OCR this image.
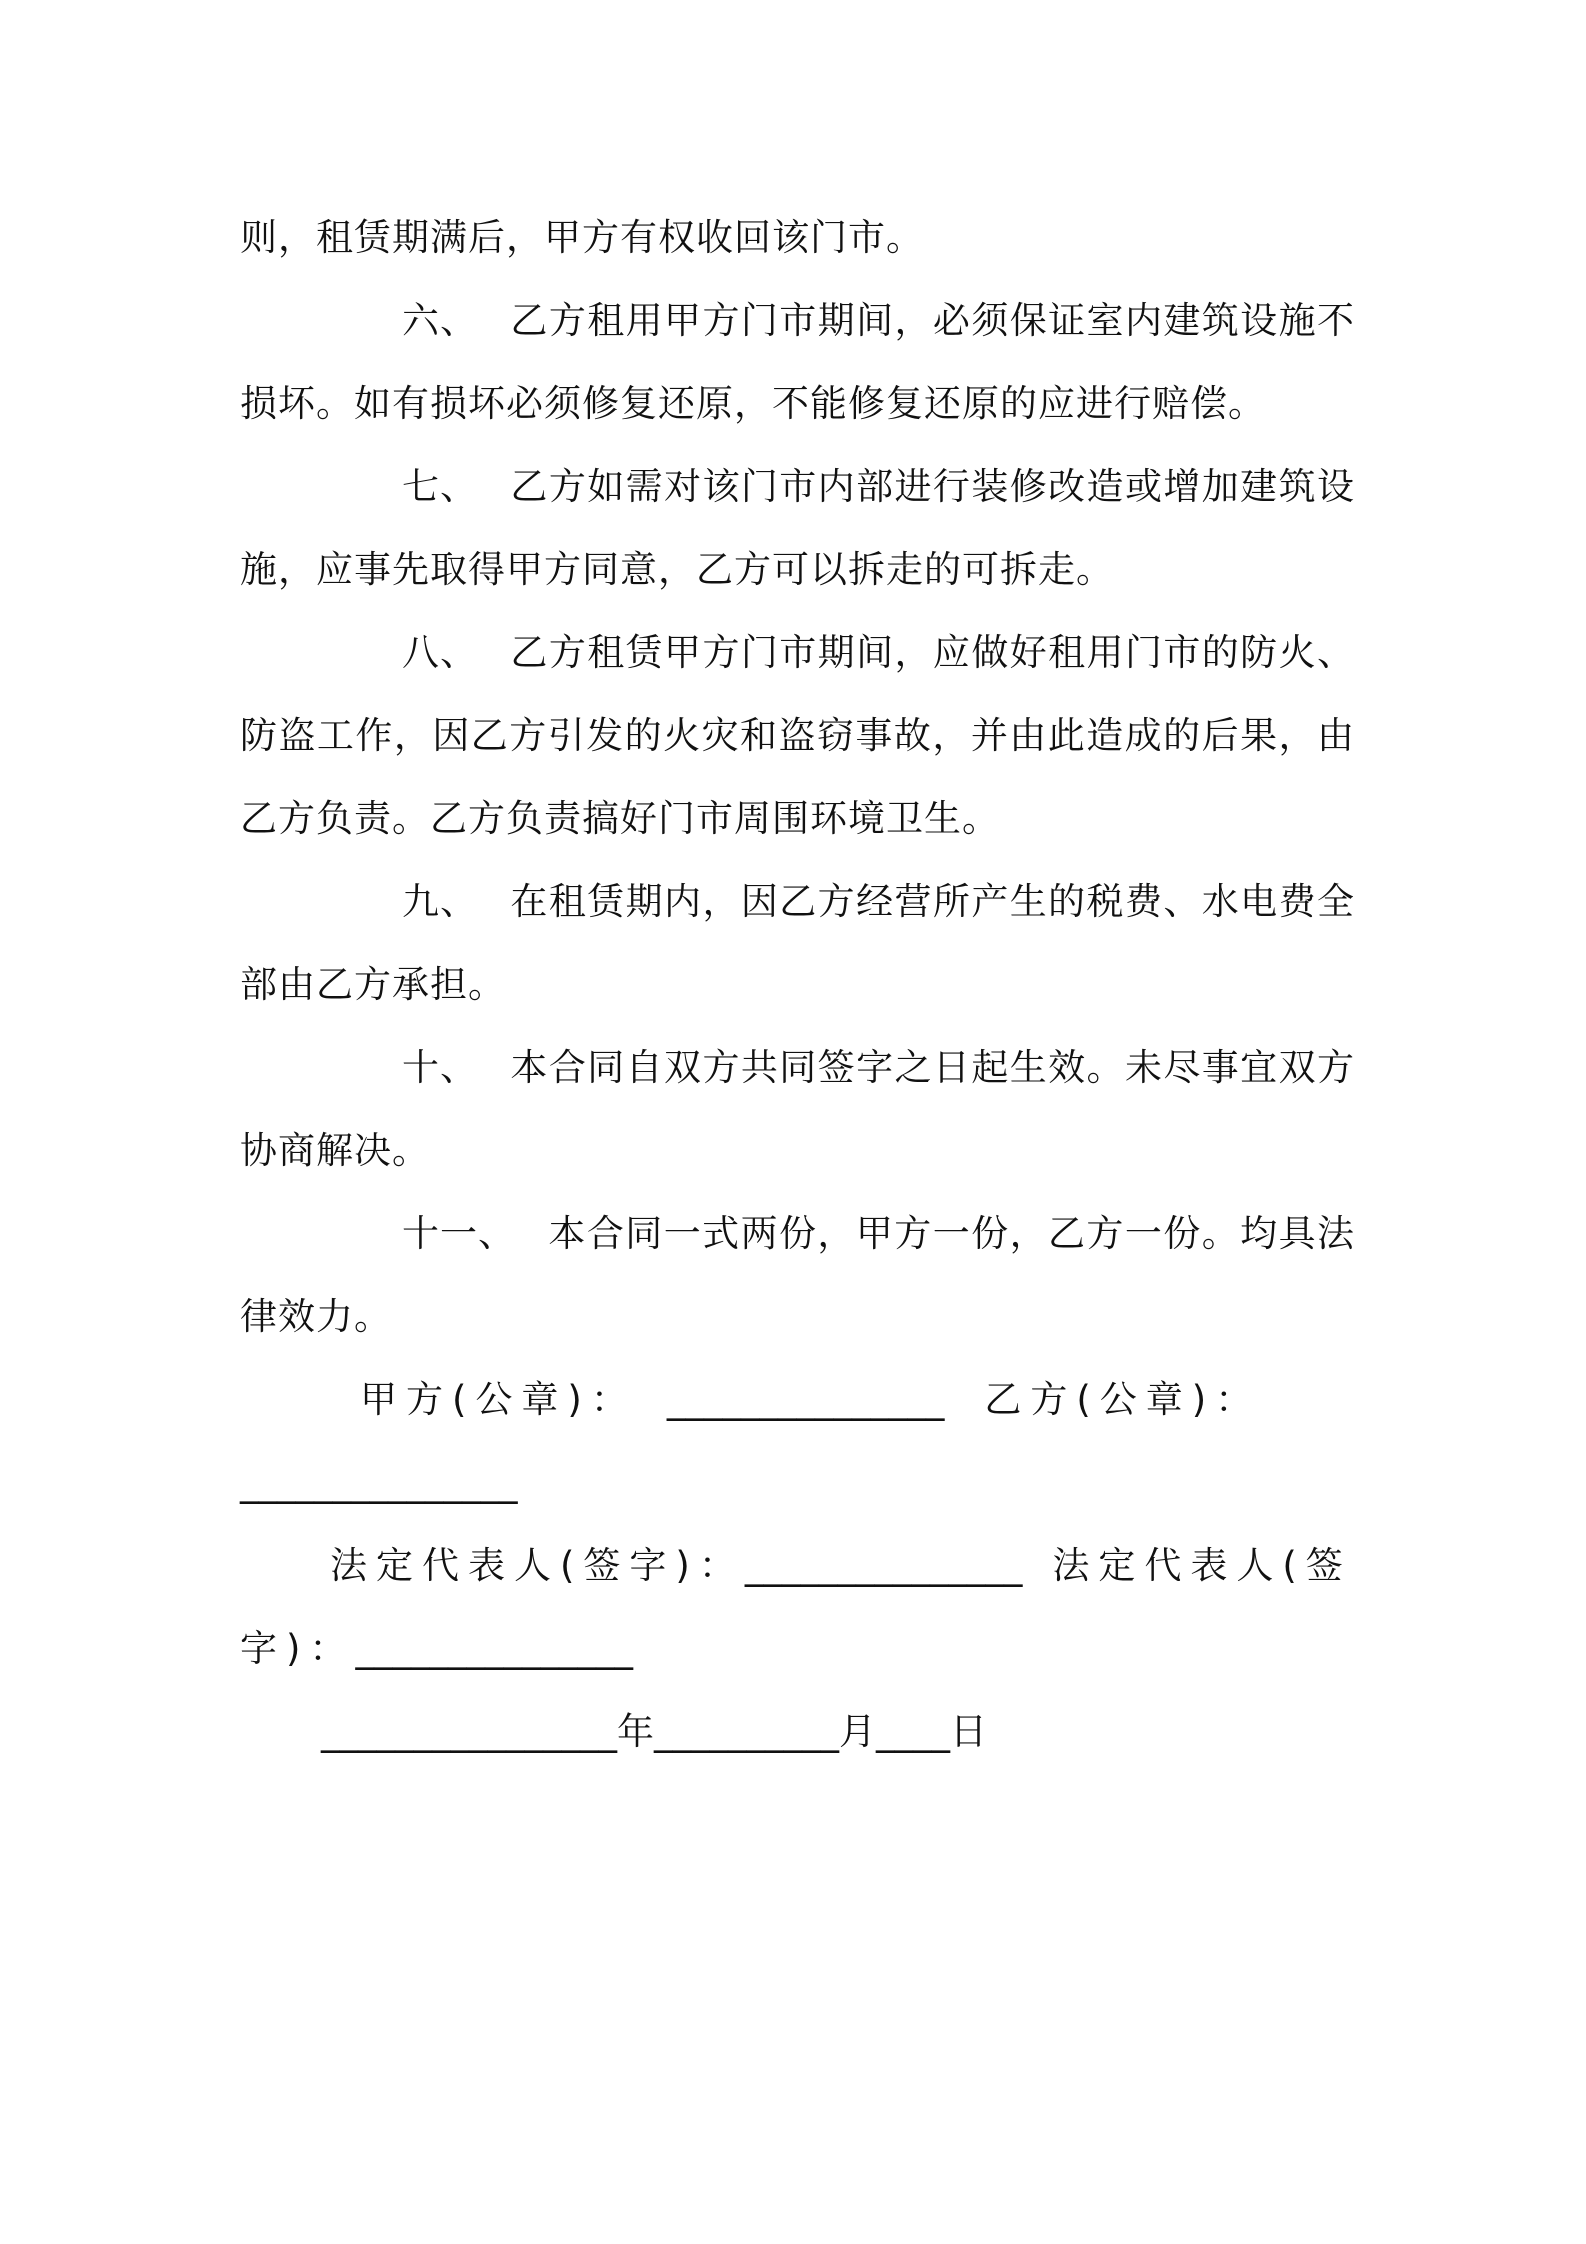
则，租赁期满后，甲方有权收回该门市。

六、 乙方租用甲方门市期间，必须保证室内建筑设施不损坏。如有损坏必须修复还原，不能修复还原的应进行赔偿。

七、 乙方如需对该门市内部进行装修改造或增加建筑设施，应事先取得甲方同意，乙方可以拆走的可拆走。

八、 乙方租赁甲方门市期间，应做好租用门市的防火、防盗工作，因乙方引发的火灾和盗窃事故，并由此造成的后果，由乙方负责。乙方负责搞好门市周围环境卫生。

九、 在租赁期内，因乙方经营所产生的税费、水电费全部由乙方承担。

十、 本合同自双方共同签字之日起生效。未尽事宜双方协商解决。

十一、 本合同一式两份，甲方一份，乙方一份。均具法律效力。

甲方(公章)： _______________ 乙方(公章)：

_______________

法定代表人(签字)：_______________ 法定代表人(签

字)：_______________

________________年__________月____日
